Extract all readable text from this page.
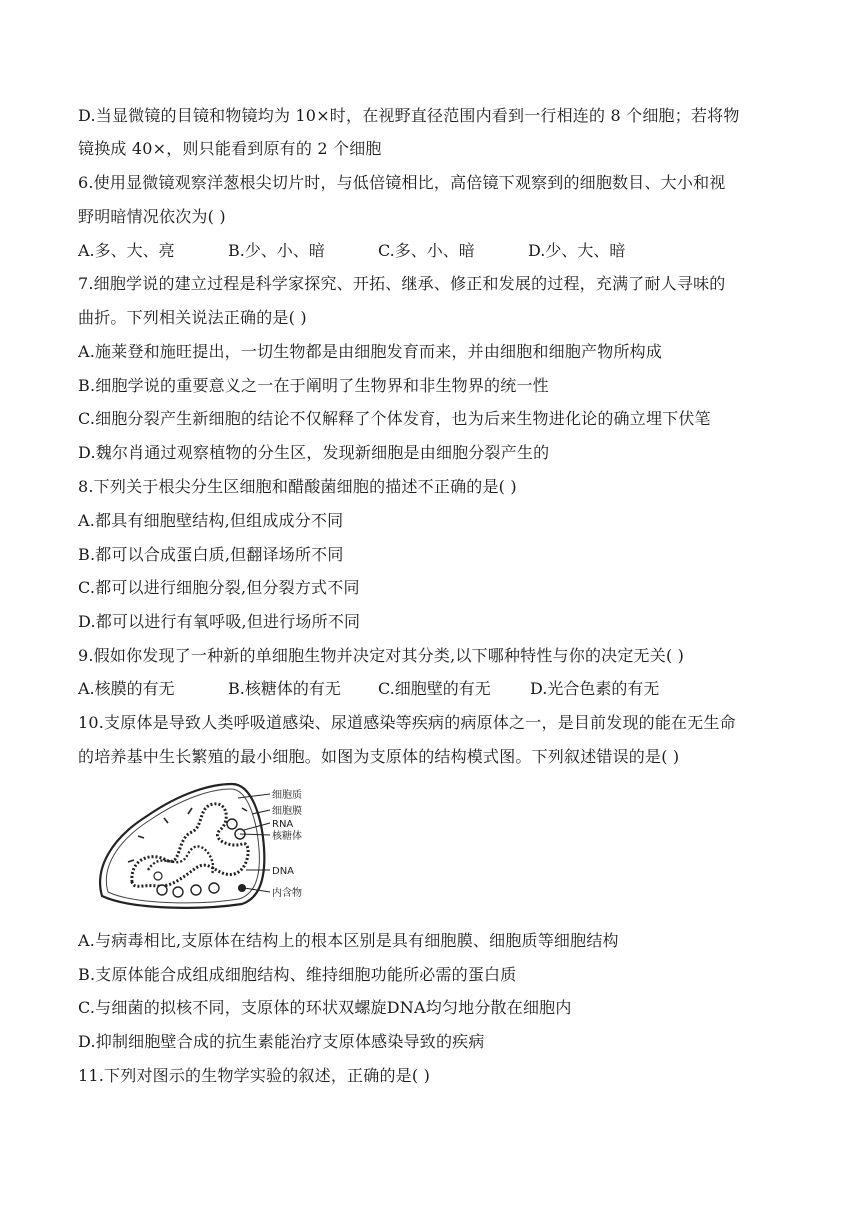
D.当显微镜的目镜和物镜均为 10×时，在视野直径范围内看到一行相连的 8 个细胞；若将物
镜换成 40×，则只能看到原有的 2 个细胞
6.使用显微镜观察洋葱根尖切片时，与低倍镜相比，高倍镜下观察到的细胞数目、大小和视
野明暗情况依次为( )
A.多、大、亮	B.少、小、暗	C.多、小、暗	D.少、大、暗
7.细胞学说的建立过程是科学家探究、开拓、继承、修正和发展的过程，充满了耐人寻味的
曲折。下列相关说法正确的是( )
A.施莱登和施旺提出，一切生物都是由细胞发育而来，并由细胞和细胞产物所构成
B.细胞学说的重要意义之一在于阐明了生物界和非生物界的统一性
C.细胞分裂产生新细胞的结论不仅解释了个体发育，也为后来生物进化论的确立埋下伏笔
D.魏尔肖通过观察植物的分生区，发现新细胞是由细胞分裂产生的
8.下列关于根尖分生区细胞和醋酸菌细胞的描述不正确的是( )
A.都具有细胞壁结构,但组成成分不同
B.都可以合成蛋白质,但翻译场所不同
C.都可以进行细胞分裂,但分裂方式不同
D.都可以进行有氧呼吸,但进行场所不同
9.假如你发现了一种新的单细胞生物并决定对其分类,以下哪种特性与你的决定无关( )
A.核膜的有无	B.核糖体的有无 C.细胞壁的有无 D.光合色素的有无
10.支原体是导致人类呼吸道感染、尿道感染等疾病的病原体之一，是目前发现的能在无生命
的培养基中生长繁殖的最小细胞。如图为支原体的结构模式图。下列叙述错误的是( )
细胞质
细胞膜
RNA
核糖体
DNA
内含物
A.与病毒相比,支原体在结构上的根本区别是具有细胞膜、细胞质等细胞结构
B.支原体能合成组成细胞结构、维持细胞功能所必需的蛋白质
C.与细菌的拟核不同，支原体的环状双螺旋DNA均匀地分散在细胞内
D.抑制细胞壁合成的抗生素能治疗支原体感染导致的疾病
11.下列对图示的生物学实验的叙述，正确的是( )
